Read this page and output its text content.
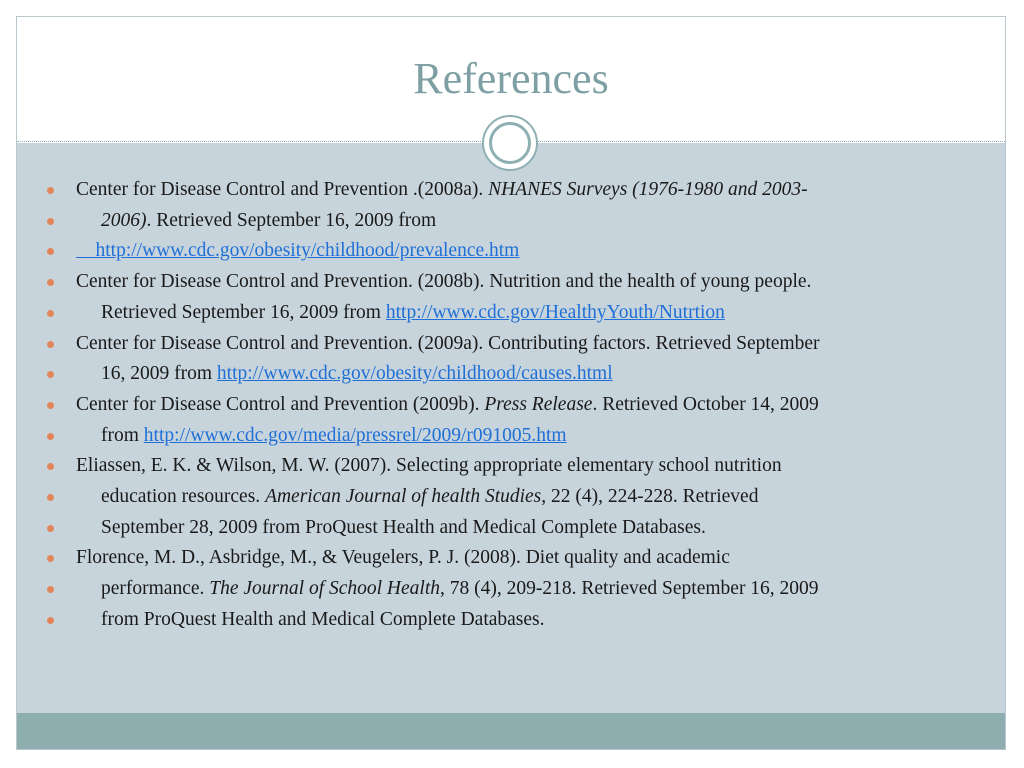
References
Center for Disease Control and Prevention .(2008a). NHANES Surveys (1976-1980 and 2003-
2006). Retrieved September 16, 2009 from
http://www.cdc.gov/obesity/childhood/prevalence.htm
Center for Disease Control and Prevention. (2008b). Nutrition and the health of young people.
Retrieved September 16, 2009 from http://www.cdc.gov/HealthyYouth/Nutrtion
Center for Disease Control and Prevention. (2009a). Contributing factors. Retrieved September
16, 2009 from http://www.cdc.gov/obesity/childhood/causes.html
Center for Disease Control and Prevention (2009b). Press Release. Retrieved October 14, 2009
from http://www.cdc.gov/media/pressrel/2009/r091005.htm
Eliassen, E. K. & Wilson, M. W. (2007). Selecting appropriate elementary school nutrition
education resources. American Journal of health Studies, 22 (4), 224-228. Retrieved
September 28, 2009 from ProQuest Health and Medical Complete Databases.
Florence, M. D., Asbridge, M., & Veugelers, P. J. (2008). Diet quality and academic
performance. The Journal of School Health, 78 (4), 209-218. Retrieved September 16, 2009
from ProQuest Health and Medical Complete Databases.
